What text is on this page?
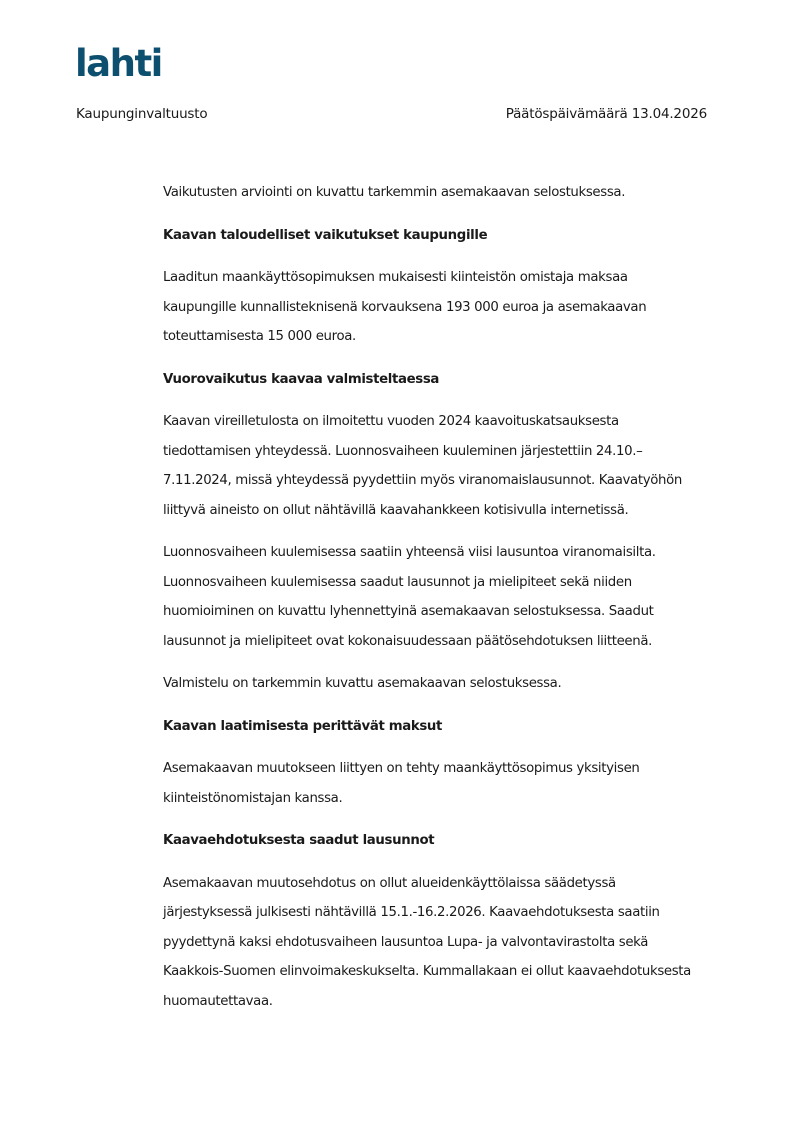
lahti
Kaupunginvaltuusto	Päätöspäivämäärä 13.04.2026
Vaikutusten arviointi on kuvattu tarkemmin asemakaavan selostuksessa.
Kaavan taloudelliset vaikutukset kaupungille
Laaditun maankäyttösopimuksen mukaisesti kiinteistön omistaja maksaa
kaupungille kunnallisteknisenä korvauksena 193 000 euroa ja asemakaavan
toteuttamisesta 15 000 euroa.
Vuorovaikutus kaavaa valmisteltaessa
Kaavan vireilletulosta on ilmoitettu vuoden 2024 kaavoituskatsauksesta
tiedottamisen yhteydessä. Luonnosvaiheen kuuleminen järjestettiin 24.10.–
7.11.2024, missä yhteydessä pyydettiin myös viranomaislausunnot. Kaavatyöhön
liittyvä aineisto on ollut nähtävillä kaavahankkeen kotisivulla internetissä.
Luonnosvaiheen kuulemisessa saatiin yhteensä viisi lausuntoa viranomaisilta.
Luonnosvaiheen kuulemisessa saadut lausunnot ja mielipiteet sekä niiden
huomioiminen on kuvattu lyhennettyinä asemakaavan selostuksessa. Saadut
lausunnot ja mielipiteet ovat kokonaisuudessaan päätösehdotuksen liitteenä.
Valmistelu on tarkemmin kuvattu asemakaavan selostuksessa.
Kaavan laatimisesta perittävät maksut
Asemakaavan muutokseen liittyen on tehty maankäyttösopimus yksityisen
kiinteistönomistajan kanssa.
Kaavaehdotuksesta saadut lausunnot
Asemakaavan muutosehdotus on ollut alueidenkäyttölaissa säädetyssä
järjestyksessä julkisesti nähtävillä 15.1.-16.2.2026. Kaavaehdotuksesta saatiin
pyydettynä kaksi ehdotusvaiheen lausuntoa Lupa- ja valvontavirastolta sekä
Kaakkois-Suomen elinvoimakeskukselta. Kummallakaan ei ollut kaavaehdotuksesta
huomautettavaa.
